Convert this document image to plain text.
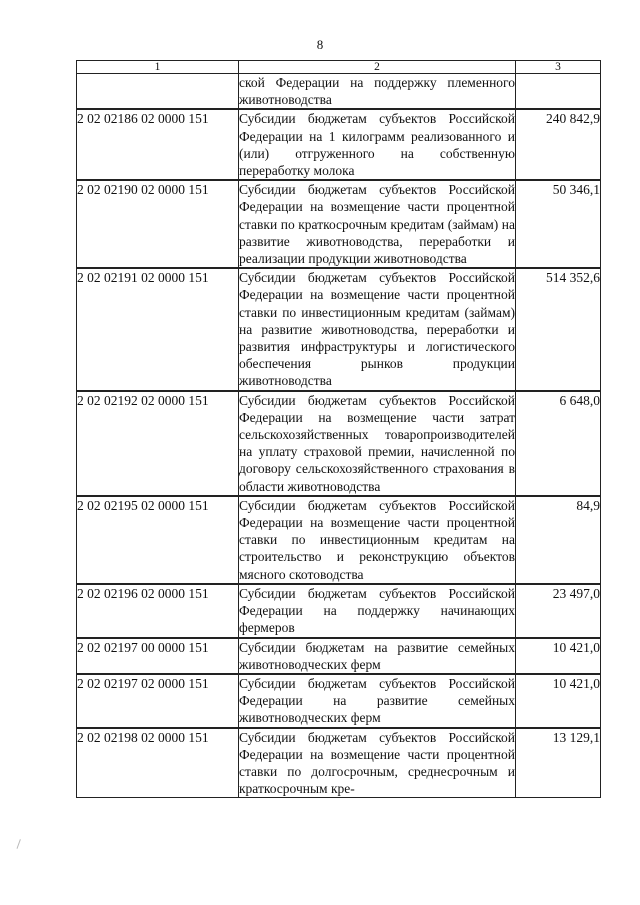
8
1	2	3

	ской Федерации на поддержку племенного животноводства	

2 02 02186 02 0000 151	Субсидии бюджетам субъектов Российской Федерации на 1 килограмм реализованного и (или) отгруженного на собственную переработку молока	240 842,9
2 02 02190 02 0000 151	Субсидии бюджетам субъектов Российской Федерации на возмещение части процентной ставки по краткосрочным кредитам (займам) на развитие животноводства, переработки и реализации продукции животноводства	50 346,1
2 02 02191 02 0000 151	Субсидии бюджетам субъектов Российской Федерации на возмещение части процентной ставки по инвестиционным кредитам (займам) на развитие животноводства, переработки и развития инфраструктуры и логистического обеспечения рынков продукции животноводства	514 352,6
2 02 02192 02 0000 151	Субсидии бюджетам субъектов Российской Федерации на возмещение части затрат сельскохозяйственных товаропроизводителей на уплату страховой премии, начисленной по договору сельскохозяйственного страхования в области животноводства	6 648,0
2 02 02195 02 0000 151	Субсидии бюджетам субъектов Российской Федерации на возмещение части процентной ставки по инвестиционным кредитам на строительство и реконструкцию объектов мясного скотоводства	84,9
2 02 02196 02 0000 151	Субсидии бюджетам субъектов Российской Федерации на поддержку начинающих фермеров	23 497,0
2 02 02197 00 0000 151	Субсидии бюджетам на развитие семейных животноводческих ферм	10 421,0
2 02 02197 02 0000 151	Субсидии бюджетам субъектов Российской Федерации на развитие семейных животноводческих ферм	10 421,0
2 02 02198 02 0000 151	Субсидии бюджетам субъектов Российской Федерации на возмещение части процентной ставки по долгосрочным, среднесрочным и краткосрочным кре-	13 129,1
